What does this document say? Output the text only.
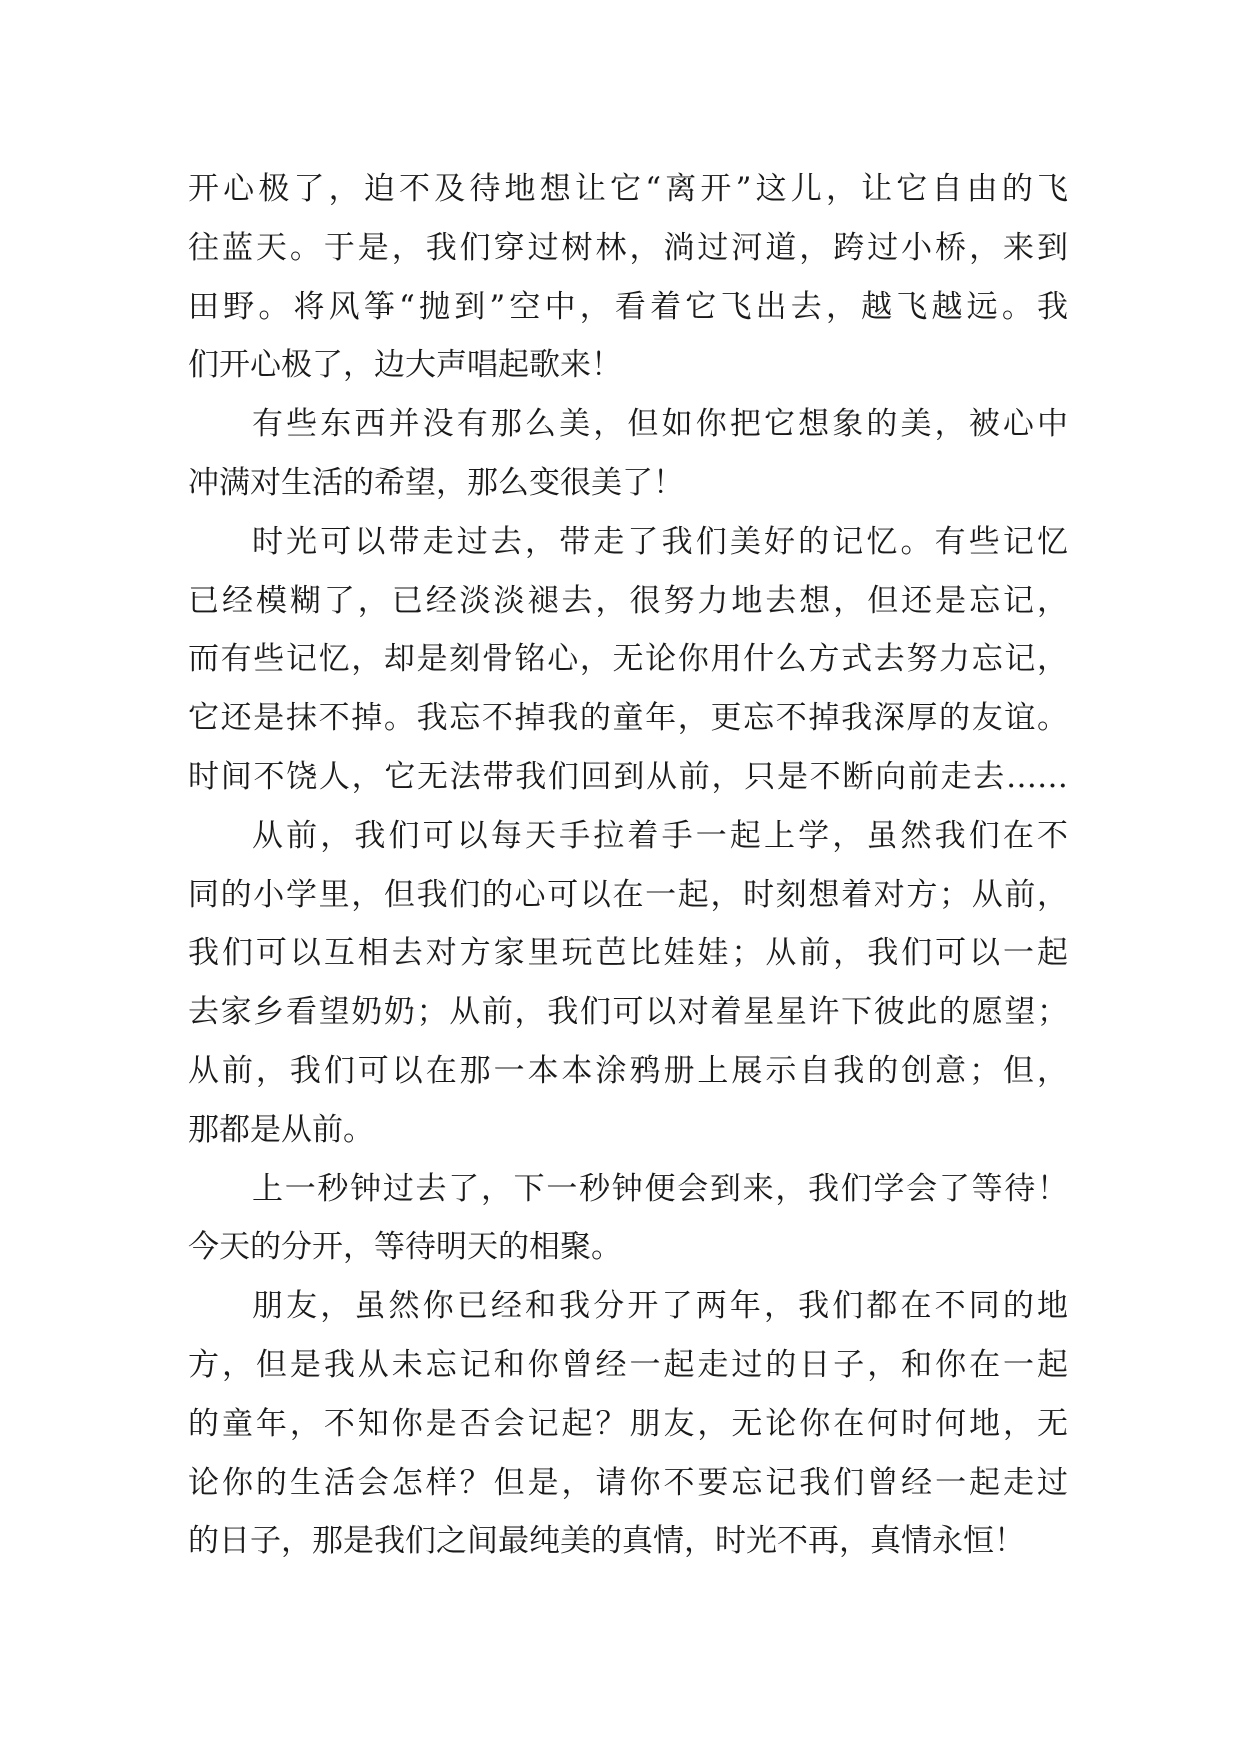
开心极了，迫不及待地想让它“离开”这儿，让它自由的飞
往蓝天。于是，我们穿过树林，淌过河道，跨过小桥，来到
田野。将风筝“抛到”空中，看着它飞出去，越飞越远。我
们开心极了，边大声唱起歌来！
有些东西并没有那么美，但如你把它想象的美，被心中
冲满对生活的希望，那么变很美了！
时光可以带走过去，带走了我们美好的记忆。有些记忆
已经模糊了，已经淡淡褪去，很努力地去想，但还是忘记，
而有些记忆，却是刻骨铭心，无论你用什么方式去努力忘记，
它还是抹不掉。我忘不掉我的童年，更忘不掉我深厚的友谊。
时间不饶人，它无法带我们回到从前，只是不断向前走去……
从前，我们可以每天手拉着手一起上学，虽然我们在不
同的小学里，但我们的心可以在一起，时刻想着对方；从前，
我们可以互相去对方家里玩芭比娃娃；从前，我们可以一起
去家乡看望奶奶；从前，我们可以对着星星许下彼此的愿望；
从前，我们可以在那一本本涂鸦册上展示自我的创意；但，
那都是从前。
上一秒钟过去了，下一秒钟便会到来，我们学会了等待！
今天的分开，等待明天的相聚。
朋友，虽然你已经和我分开了两年，我们都在不同的地
方，但是我从未忘记和你曾经一起走过的日子，和你在一起
的童年，不知你是否会记起？朋友，无论你在何时何地，无
论你的生活会怎样？但是，请你不要忘记我们曾经一起走过
的日子，那是我们之间最纯美的真情，时光不再，真情永恒！
